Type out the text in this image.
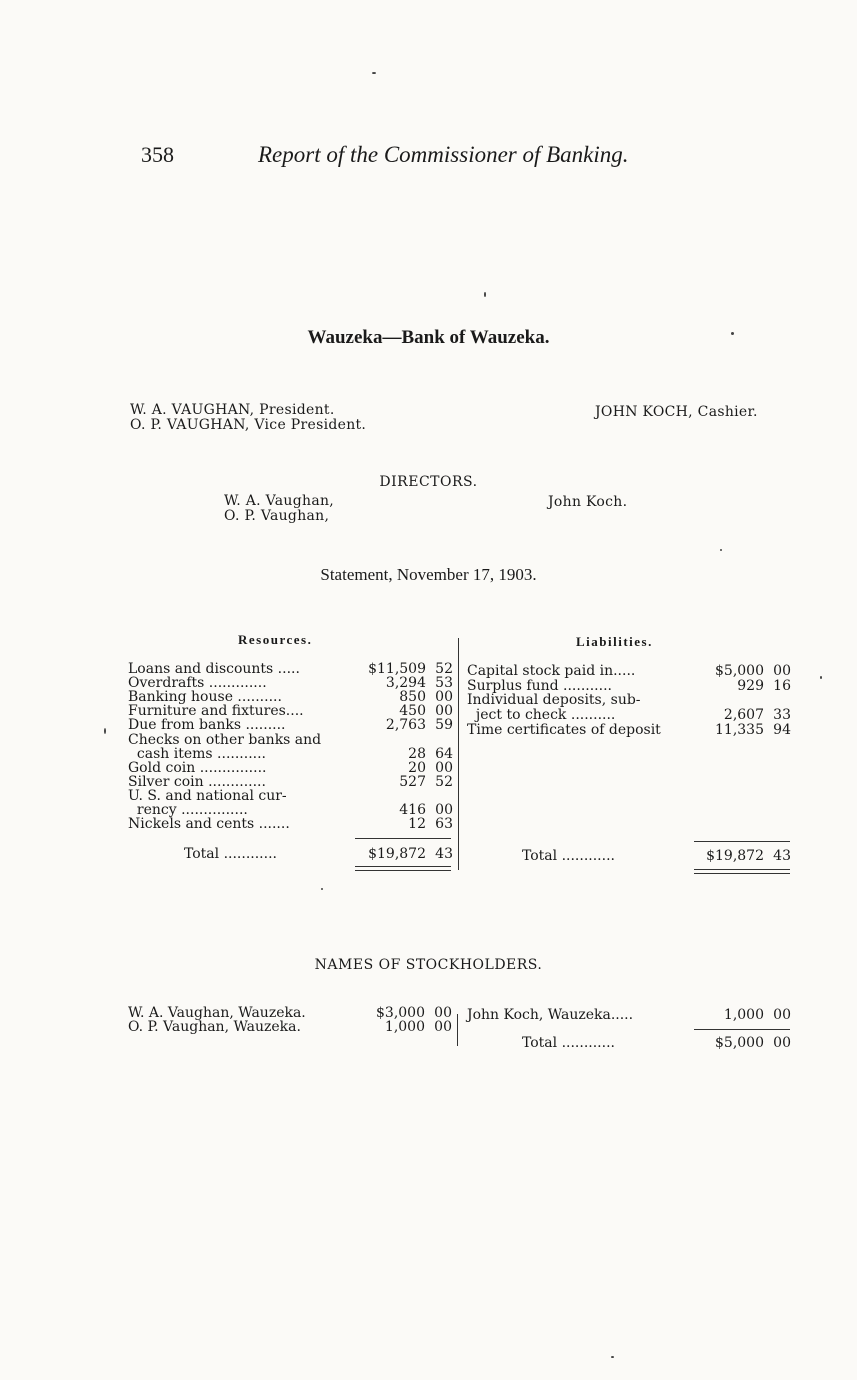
358	Report of the Commissioner of Banking.
Wauzeka—Bank of Wauzeka.
W. A. VAUGHAN, President.
O. P. VAUGHAN, Vice President.
JOHN KOCH, Cashier.
DIRECTORS.
W. A. Vaughan,
O. P. Vaughan,
John Koch.
Statement, November 17, 1903.
Resources.	Liabilities.
Loans and discounts .....	$11,509 52
Overdrafts .............	3,294 53
Banking house ..........	850 00
Furniture and fixtures....	450 00
Due from banks .........	2,763 59
Checks on other banks and
cash items ...........	28 64
Gold coin ...............	20 00
Silver coin .............	527 52
U. S. and national cur-
rency ...............	416 00
Nickels and cents .......	12 63
Total ............	$19,872 43
Capital stock paid in.....	$5,000 00
Surplus fund ...........	929 16
Individual deposits, sub-
ject to check ..........	2,607 33
Time certificates of deposit	11,335 94
Total ............	$19,872 43
NAMES OF STOCKHOLDERS.
W. A. Vaughan, Wauzeka.	$3,000 00
O. P. Vaughan, Wauzeka.	1,000 00
John Koch, Wauzeka.....	1,000 00
Total ............	$5,000 00
